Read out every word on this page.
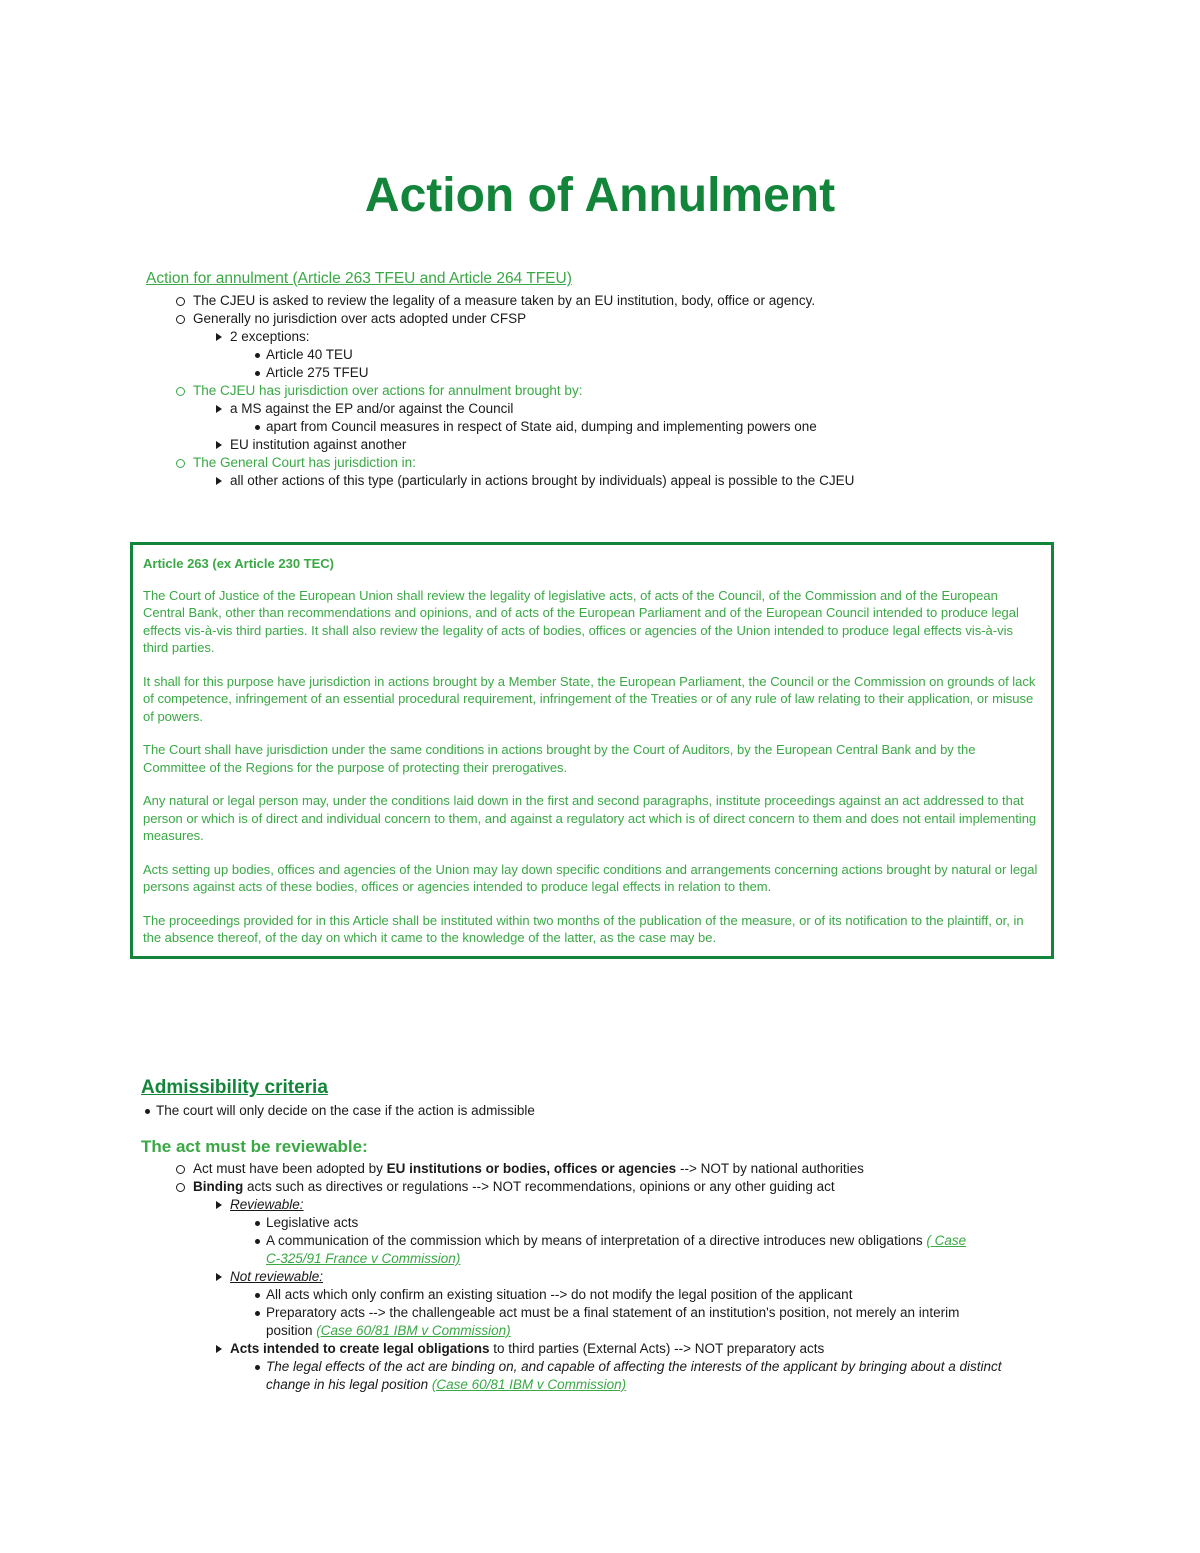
Action of Annulment
Action for annulment (Article 263 TFEU and Article 264 TFEU)
The CJEU is asked to review the legality of a measure taken by an EU institution, body, office or agency.
Generally no jurisdiction over acts adopted under CFSP
2 exceptions:
Article 40 TEU
Article 275 TFEU
The CJEU has jurisdiction over actions for annulment brought by:
a MS against the EP and/or against the Council
apart from Council measures in respect of State aid, dumping and implementing powers one
EU institution against another
The General Court has jurisdiction in:
all other actions of this type (particularly in actions brought by individuals) appeal is possible to the CJEU

Article 263 (ex Article 230 TEC)

The Court of Justice of the European Union shall review the legality of legislative acts, of acts of the Council, of the Commission and of the European Central Bank, other than recommendations and opinions, and of acts of the European Parliament and of the European Council intended to produce legal effects vis-à-vis third parties. It shall also review the legality of acts of bodies, offices or agencies of the Union intended to produce legal effects vis-à-vis third parties.

It shall for this purpose have jurisdiction in actions brought by a Member State, the European Parliament, the Council or the Commission on grounds of lack of competence, infringement of an essential procedural requirement, infringement of the Treaties or of any rule of law relating to their application, or misuse of powers.

The Court shall have jurisdiction under the same conditions in actions brought by the Court of Auditors, by the European Central Bank and by the Committee of the Regions for the purpose of protecting their prerogatives.

Any natural or legal person may, under the conditions laid down in the first and second paragraphs, institute proceedings against an act addressed to that person or which is of direct and individual concern to them, and against a regulatory act which is of direct concern to them and does not entail implementing measures.

Acts setting up bodies, offices and agencies of the Union may lay down specific conditions and arrangements concerning actions brought by natural or legal persons against acts of these bodies, offices or agencies intended to produce legal effects in relation to them.

The proceedings provided for in this Article shall be instituted within two months of the publication of the measure, or of its notification to the plaintiff, or, in the absence thereof, of the day on which it came to the knowledge of the latter, as the case may be.

Admissibility criteria
The court will only decide on the case if the action is admissible
The act must be reviewable:
Act must have been adopted by EU institutions or bodies, offices or agencies --> NOT by national authorities
Binding acts such as directives or regulations --> NOT recommendations, opinions or any other guiding act
Reviewable:
Legislative acts
A communication of the commission which by means of interpretation of a directive introduces new obligations ( Case
C-325/91 France v Commission)
Not reviewable:
All acts which only confirm an existing situation --> do not modify the legal position of the applicant
Preparatory acts --> the challengeable act must be a final statement of an institution's position, not merely an interim
position (Case 60/81 IBM v Commission)
Acts intended to create legal obligations to third parties (External Acts) --> NOT preparatory acts
The legal effects of the act are binding on, and capable of affecting the interests of the applicant by bringing about a distinct
change in his legal position (Case 60/81 IBM v Commission)
